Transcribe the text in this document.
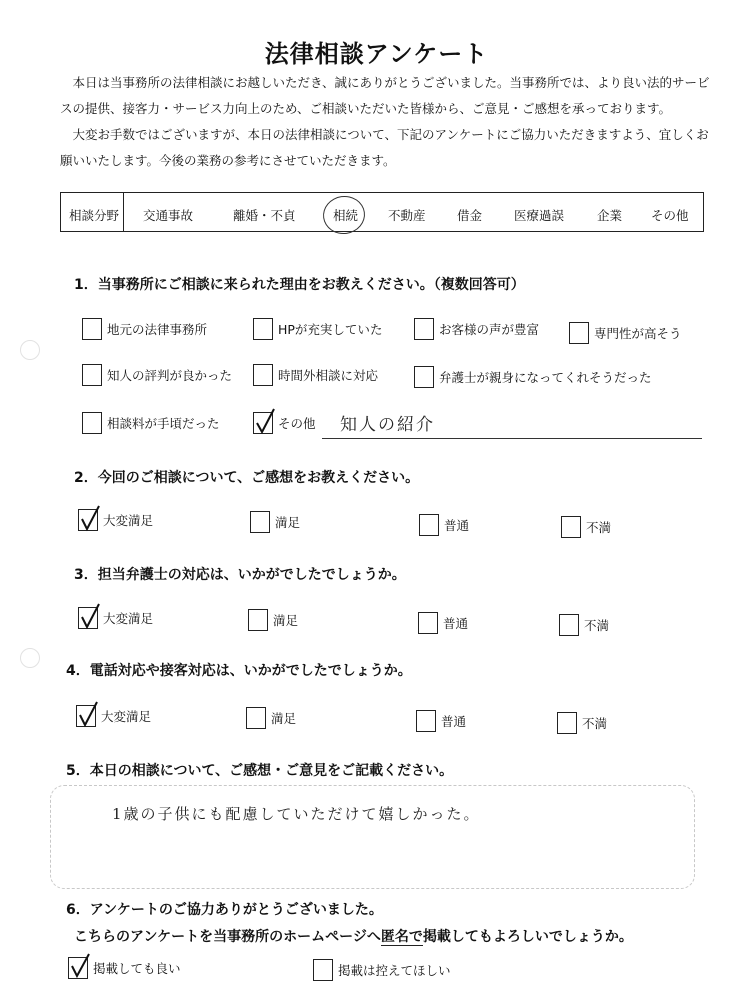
法律相談アンケート

本日は当事務所の法律相談にお越しいただき、誠にありがとうございました。当事務所では、より良い法的サービスの提供、接客力・サービス力向上のため、ご相談いただいた皆様から、ご意見・ご感想を承っております。

大変お手数ではございますが、本日の法律相談について、下記のアンケートにご協力いただきますよう、宜しくお願いいたします。今後の業務の参考にさせていただきます。

相談分野 交通事故	離婚・不貞	相続 不動産	借金	医療過誤	企業 その他
1．当事務所にご相談に来られた理由をお教えください。（複数回答可）
地元の法律事務所	HPが充実していた	お客様の声が豊富	専門性が高そう
知人の評判が良かった	時間外相談に対応	弁護士が親身になってくれそうだった
相談料が手頃だった	その他 知人の紹介
2．今回のご相談について、ご感想をお教えください。
大変満足	満足	普通	不満
3．担当弁護士の対応は、いかがでしたでしょうか。
大変満足	満足	普通	不満
4．電話対応や接客対応は、いかがでしたでしょうか。
大変満足	満足	普通	不満
5．本日の相談について、ご感想・ご意見をご記載ください。
1歳の子供にも配慮していただけて嬉しかった。
6．アンケートのご協力ありがとうございました。
こちらのアンケートを当事務所のホームページへ匿名で掲載してもよろしいでしょうか。
掲載しても良い	掲載は控えてほしい
